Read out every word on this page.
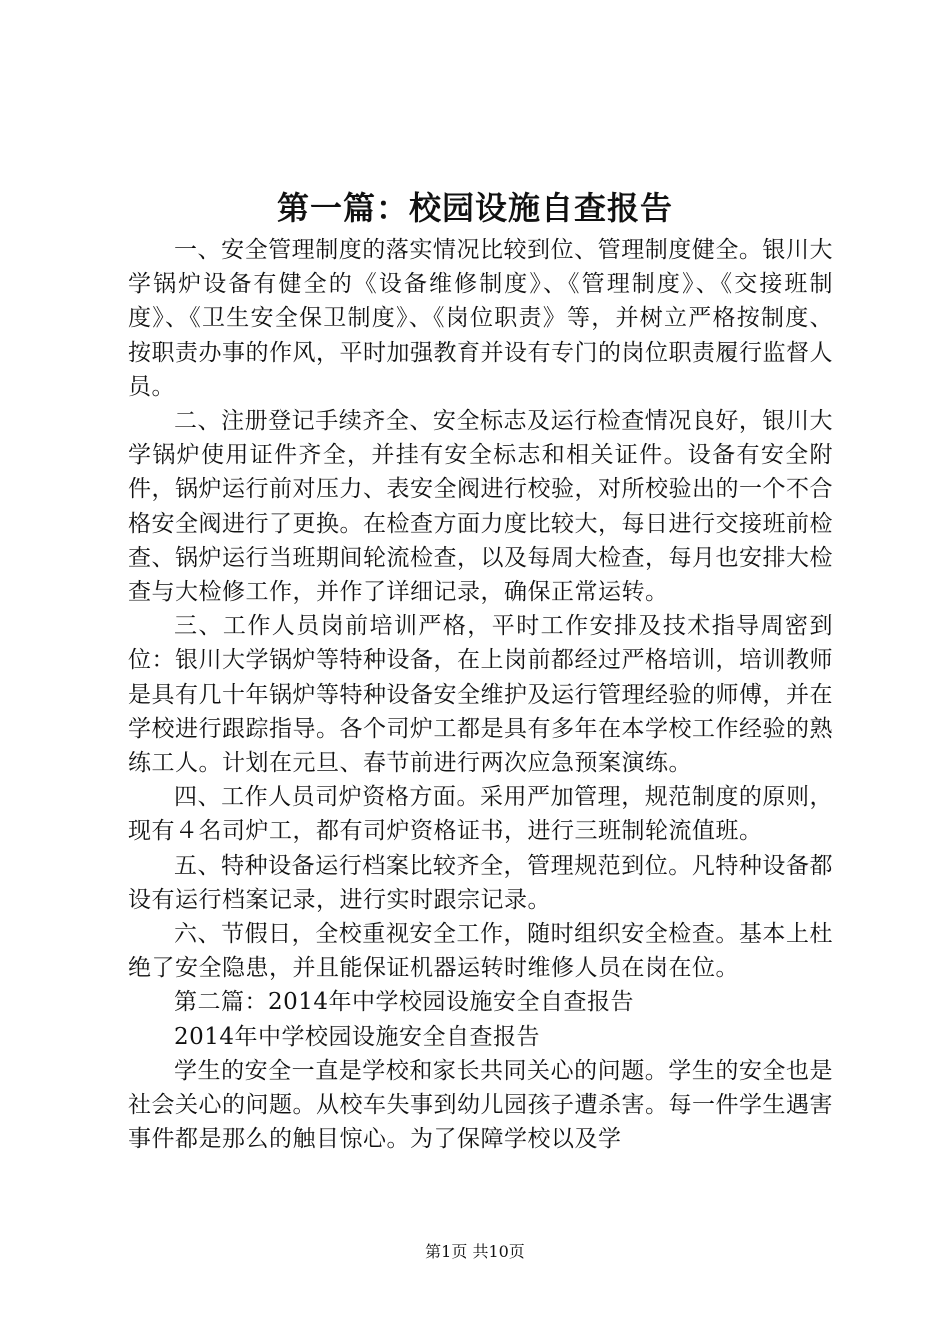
第一篇：校园设施自查报告

一、安全管理制度的落实情况比较到位、管理制度健全。银川大学锅炉设备有健全的《设备维修制度》、《管理制度》、《交接班制度》、《卫生安全保卫制度》、《岗位职责》等，并树立严格按制度、按职责办事的作风，平时加强教育并设有专门的岗位职责履行监督人员。

二、注册登记手续齐全、安全标志及运行检查情况良好，银川大学锅炉使用证件齐全，并挂有安全标志和相关证件。设备有安全附件，锅炉运行前对压力、表安全阀进行校验，对所校验出的一个不合格安全阀进行了更换。在检查方面力度比较大，每日进行交接班前检查、锅炉运行当班期间轮流检查，以及每周大检查，每月也安排大检查与大检修工作，并作了详细记录，确保正常运转。

三、工作人员岗前培训严格，平时工作安排及技术指导周密到位：银川大学锅炉等特种设备，在上岗前都经过严格培训，培训教师是具有几十年锅炉等特种设备安全维护及运行管理经验的师傅，并在学校进行跟踪指导。各个司炉工都是具有多年在本学校工作经验的熟练工人。计划在元旦、春节前进行两次应急预案演练。

四、工作人员司炉资格方面。采用严加管理，规范制度的原则，现有４名司炉工，都有司炉资格证书，进行三班制轮流值班。

五、特种设备运行档案比较齐全，管理规范到位。凡特种设备都设有运行档案记录，进行实时跟宗记录。

六、节假日，全校重视安全工作，随时组织安全检查。基本上杜绝了安全隐患，并且能保证机器运转时维修人员在岗在位。

第二篇：2014年中学校园设施安全自查报告

2014年中学校园设施安全自查报告

学生的安全一直是学校和家长共同关心的问题。学生的安全也是社会关心的问题。从校车失事到幼儿园孩子遭杀害。每一件学生遇害事件都是那么的触目惊心。为了保障学校以及学

第1页 共10页
